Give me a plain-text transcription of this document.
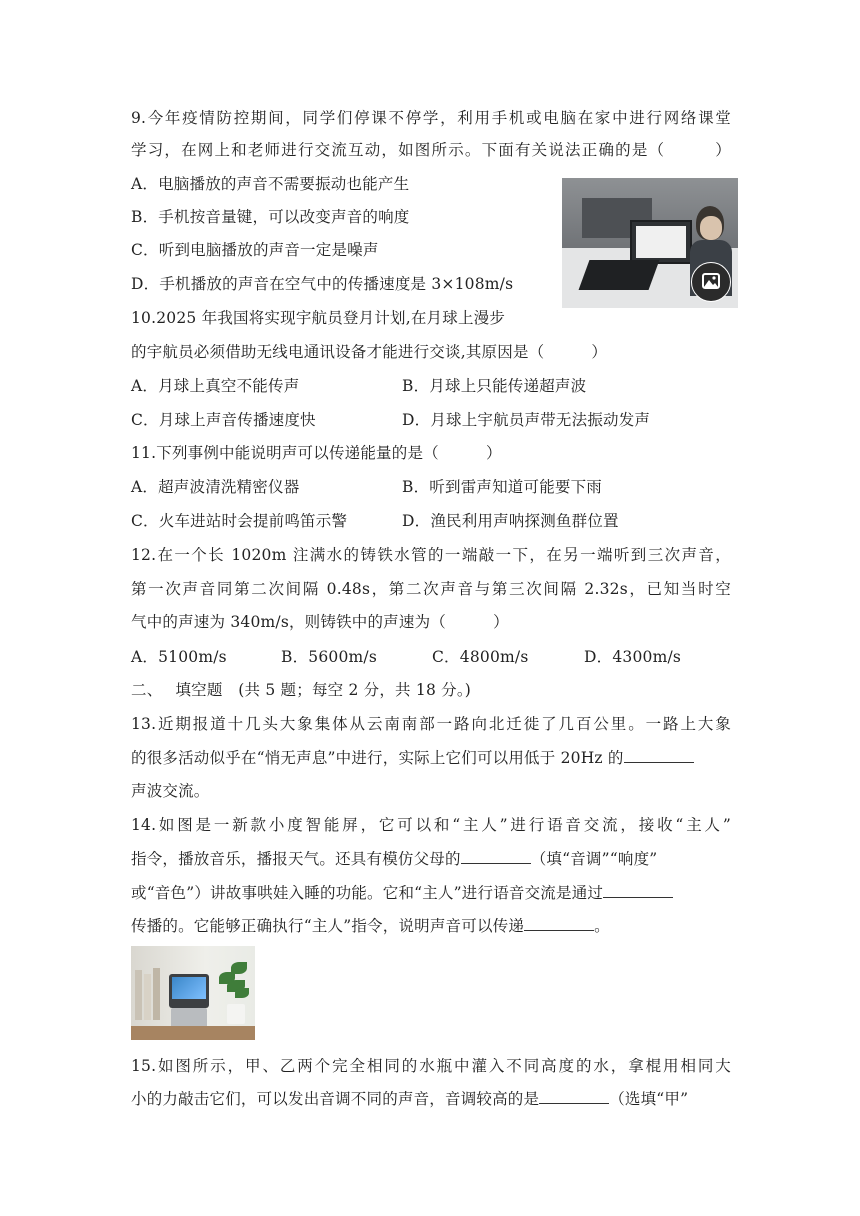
9.今年疫情防控期间，同学们停课不停学，利用手机或电脑在家中进行网络课堂
学习，在网上和老师进行交流互动，如图所示。下面有关说法正确的是（　　　）
A．电脑播放的声音不需要振动也能产生
B．手机按音量键，可以改变声音的响度
C．听到电脑播放的声音一定是噪声
D．手机播放的声音在空气中的传播速度是 3×108m/s
10.2025 年我国将实现宇航员登月计划,在月球上漫步
的宇航员必须借助无线电通讯设备才能进行交谈,其原因是（　　　）
A．月球上真空不能传声	B．月球上只能传递超声波
C．月球上声音传播速度快	D．月球上宇航员声带无法振动发声
11.下列事例中能说明声可以传递能量的是（　　　）
A．超声波清洗精密仪器	B．听到雷声知道可能要下雨
C．火车进站时会提前鸣笛示警	D．渔民利用声呐探测鱼群位置
12.在一个长 1020m 注满水的铸铁水管的一端敲一下，在另一端听到三次声音，
第一次声音同第二次间隔 0.48s，第二次声音与第三次间隔 2.32s，已知当时空
气中的声速为 340m/s，则铸铁中的声速为（　　　）
A．5100m/s	B．5600m/s	C．4800m/s	D．4300m/s
二、　 填空题　(共 5 题；每空 2 分，共 18 分。)
13.近期报道十几头大象集体从云南南部一路向北迁徙了几百公里。一路上大象
的很多活动似乎在“悄无声息”中进行，实际上它们可以用低于 20Hz 的
声波交流。
14.如图是一新款小度智能屏，它可以和“主人”进行语音交流，接收“主人”
指令，播放音乐，播报天气。还具有模仿父母的	（填“音调”“响度”
或“音色”）讲故事哄娃入睡的功能。它和“主人”进行语音交流是通过
传播的。它能够正确执行“主人”指令，说明声音可以传递	。
15.如图所示，甲、乙两个完全相同的水瓶中灌入不同高度的水，拿棍用相同大
小的力敲击它们，可以发出音调不同的声音，音调较高的是	（选填“甲”
